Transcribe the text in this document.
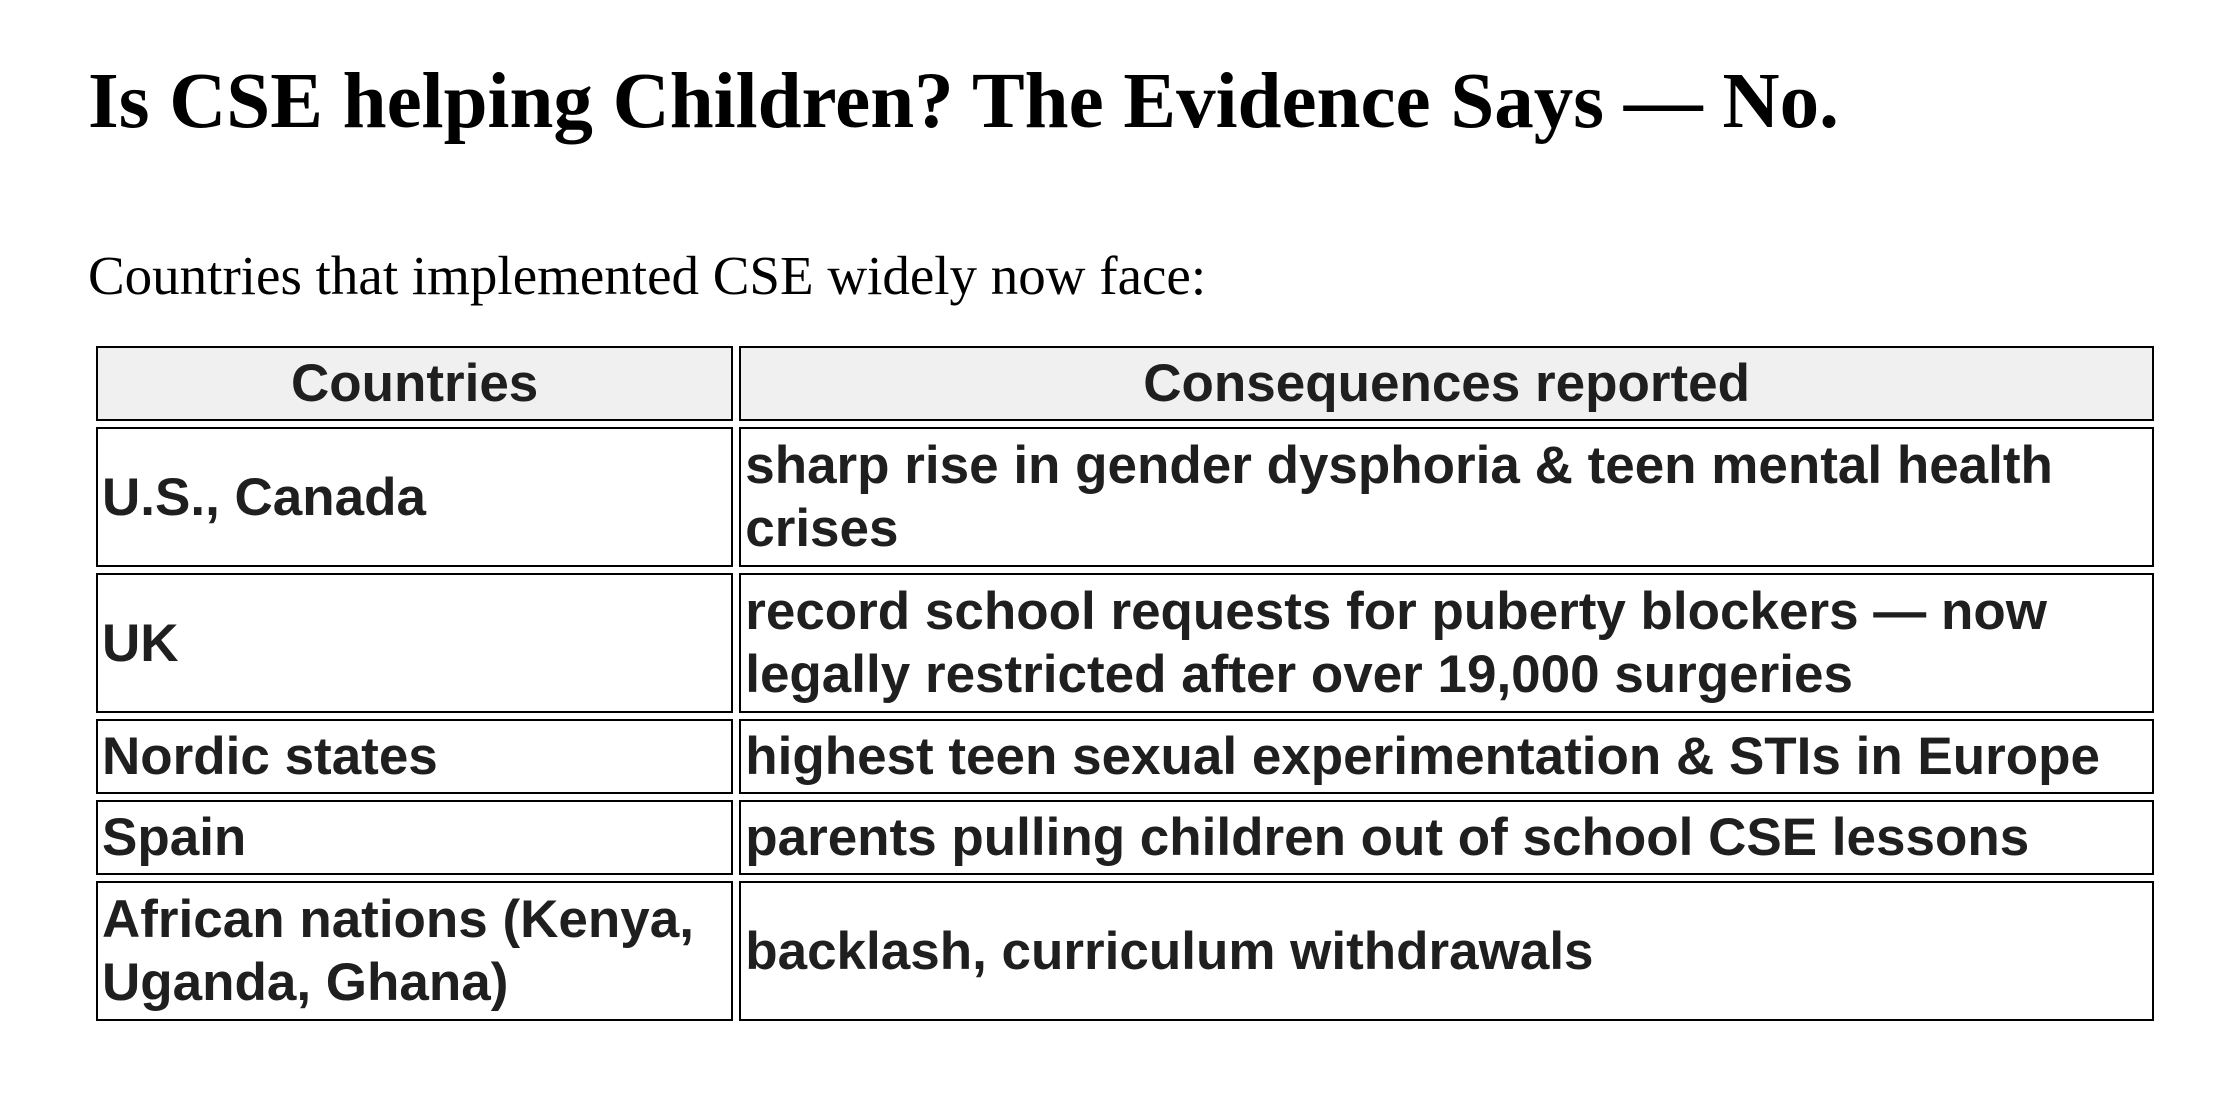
Is CSE helping Children? The Evidence Says — No.

Countries that implemented CSE widely now face:

Countries	Consequences reported
U.S., Canada	sharp rise in gender dysphoria & teen mental health crises
UK	record school requests for puberty blockers — now legally restricted after over 19,000 surgeries
Nordic states	highest teen sexual experimentation & STIs in Europe
Spain	parents pulling children out of school CSE lessons
African nations (Kenya, Uganda, Ghana)	backlash, curriculum withdrawals
